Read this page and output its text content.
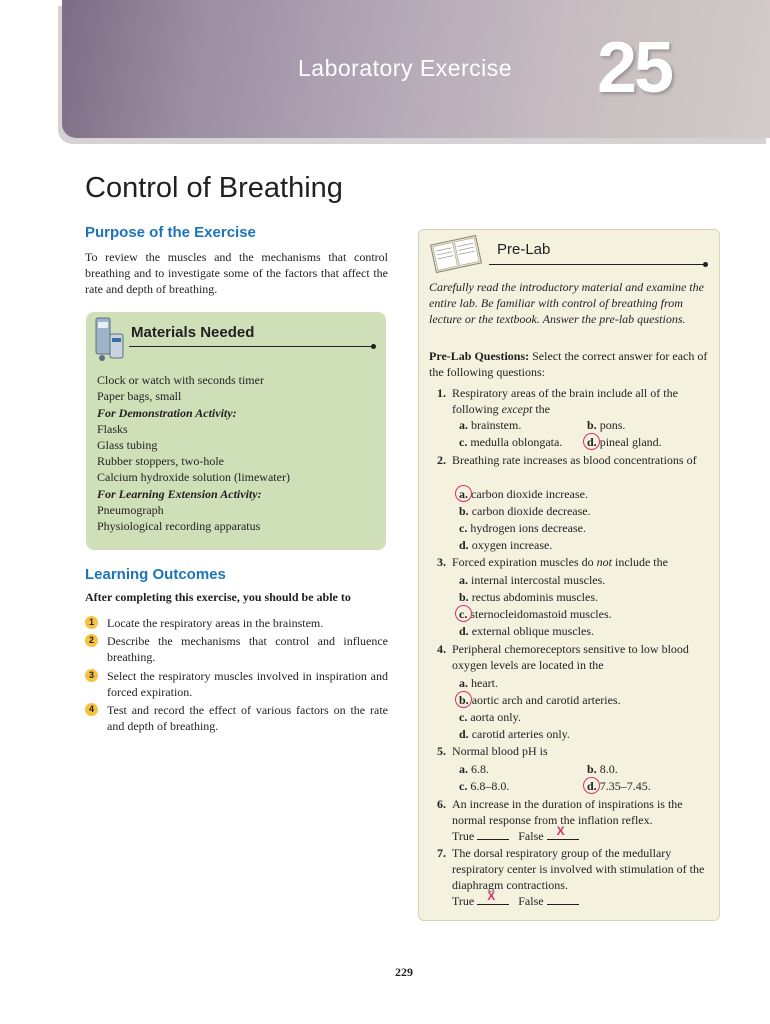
Laboratory Exercise 25
Control of Breathing
Purpose of the Exercise

To review the muscles and the mechanisms that control breathing and to investigate some of the factors that affect the rate and depth of breathing.

Materials Needed
Clock or watch with seconds timer
Paper bags, small
For Demonstration Activity:
Flasks
Glass tubing
Rubber stoppers, two-hole
Calcium hydroxide solution (limewater)
For Learning Extension Activity:
Pneumograph
Physiological recording apparatus
Learning Outcomes

After completing this exercise, you should be able to

1	Locate the respiratory areas in the brainstem.
2	Describe the mechanisms that control and influence breathing.
3	Select the respiratory muscles involved in inspiration and forced expiration.
4	Test and record the effect of various factors on the rate and depth of breathing.
Pre-Lab

Carefully read the introductory material and examine the entire lab. Be familiar with control of breathing from lecture or the textbook. Answer the pre-lab questions.

Pre-Lab Questions: Select the correct answer for each of the following questions:

1. Respiratory areas of the brain include all of the following except the
a. brainstem.	b. pons.
c. medulla oblongata. d. pineal gland.
2. Breathing rate increases as blood concentrations of
a. carbon dioxide increase.
b. carbon dioxide decrease.
c. hydrogen ions decrease.
d. oxygen increase.
3. Forced expiration muscles do not include the
a. internal intercostal muscles.
b. rectus abdominis muscles.
c. sternocleidomastoid muscles.
d. external oblique muscles.
4. Peripheral chemoreceptors sensitive to low blood oxygen levels are located in the
a. heart.
b. aortic arch and carotid arteries.
c. aorta only.
d. carotid arteries only.
5. Normal blood pH is
a. 6.8.	b. 8.0.
c. 6.8–8.0.	d. 7.35–7.45.
6. An increase in the duration of inspirations is the normal response from the inflation reflex.
True	False X
7. The dorsal respiratory group of the medullary respiratory center is involved with stimulation of the diaphragm contractions.
True X False

229
